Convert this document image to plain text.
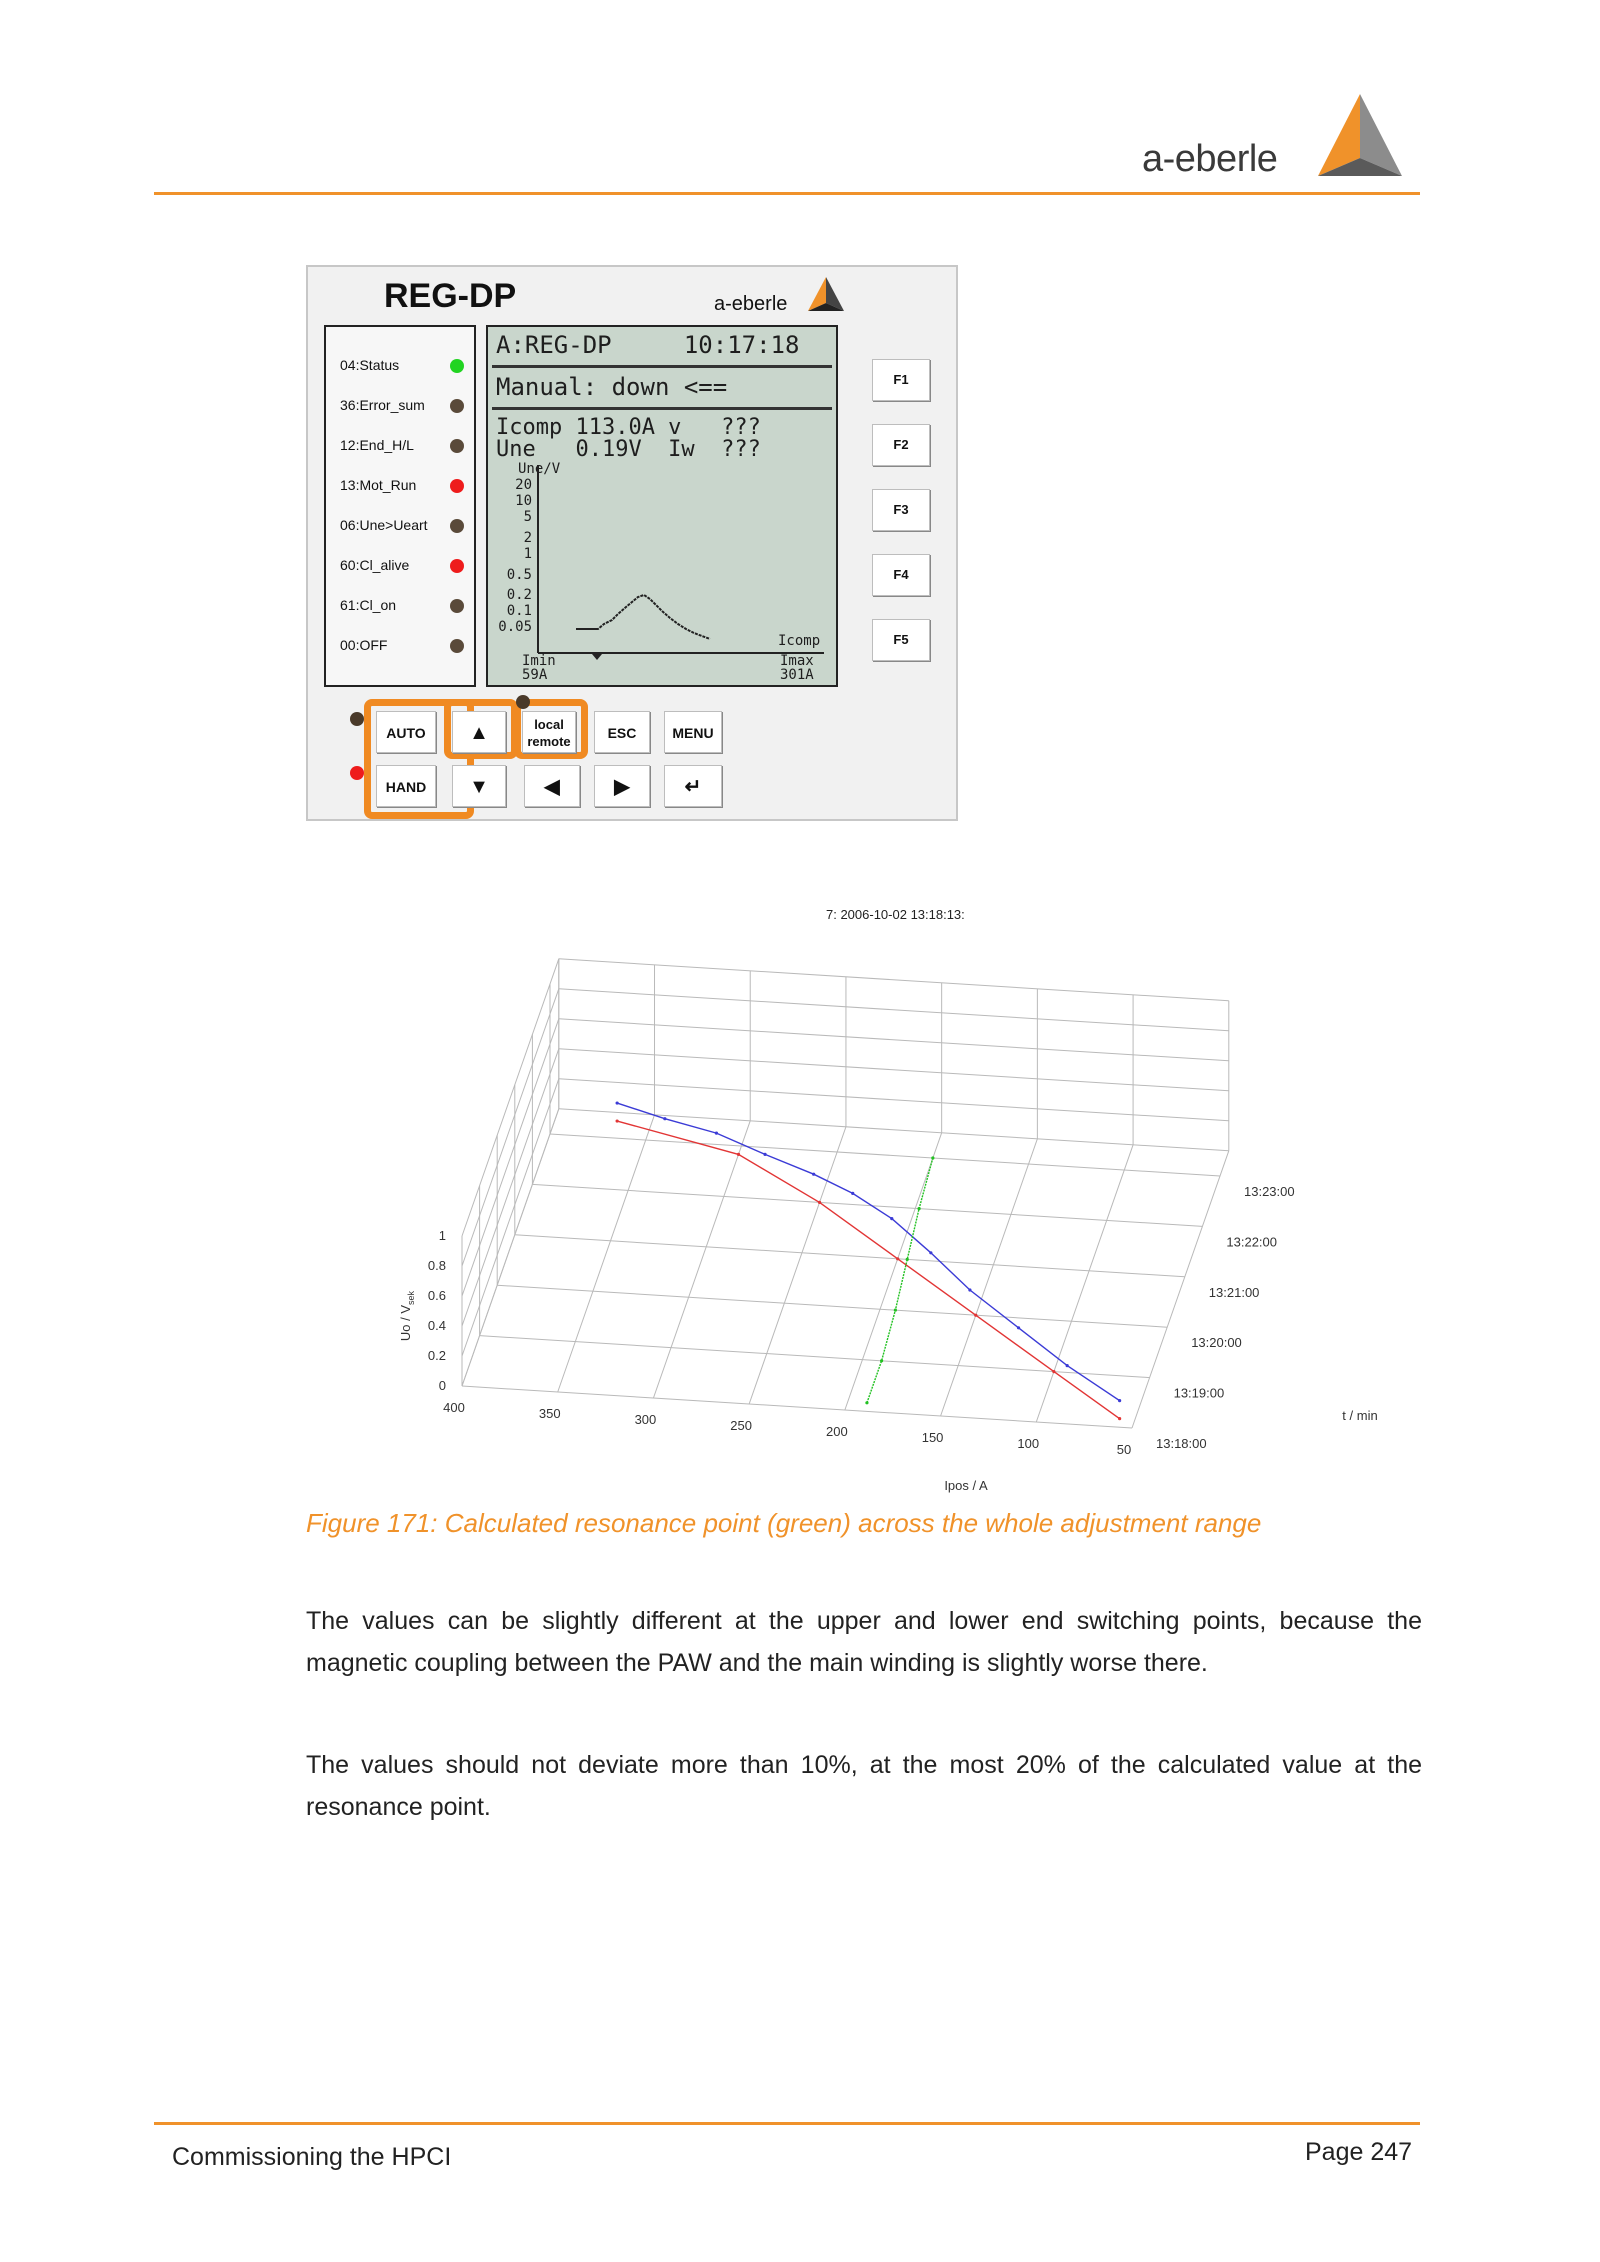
a-eberle
REG-DP	a-eberle
04:Status
36:Error_sum
12:End_H/L
13:Mot_Run
06:Une>Ueart
60:Cl_alive
61:Cl_on
00:OFF
A:REG-DP     10:17:18
Manual: down <==
Icomp 113.0A v   ???
Une   0.19V  Iw  ???
Une/V
20
10
5
2
1
0.5
0.2
0.1
0.05
Icomp
Imin
59A
Imax
301A
F1
F2
F3
F4
F5
AUTO
HAND
▲
▼
local
remote
ESC	MENU
◀	▶	↵
7: 2006-10-02 13:18:13:
400	350	300	250	200	150	100	50
0
0.2
0.4
0.6
0.8
1
13:18:00
13:19:00
13:20:00
13:21:00
13:22:00
13:23:00
Ipos / A
t / min
Uo / $V_{sek}$
Figure 171: Calculated resonance point (green) across the whole adjustment range
The values can be slightly different at the upper and lower end switching points, because the magnetic coupling between the PAW and the main winding is slightly worse there.
The values should not deviate more than 10%, at the most 20% of the calculated value at the resonance point.
Commissioning the HPCI	Page 247
